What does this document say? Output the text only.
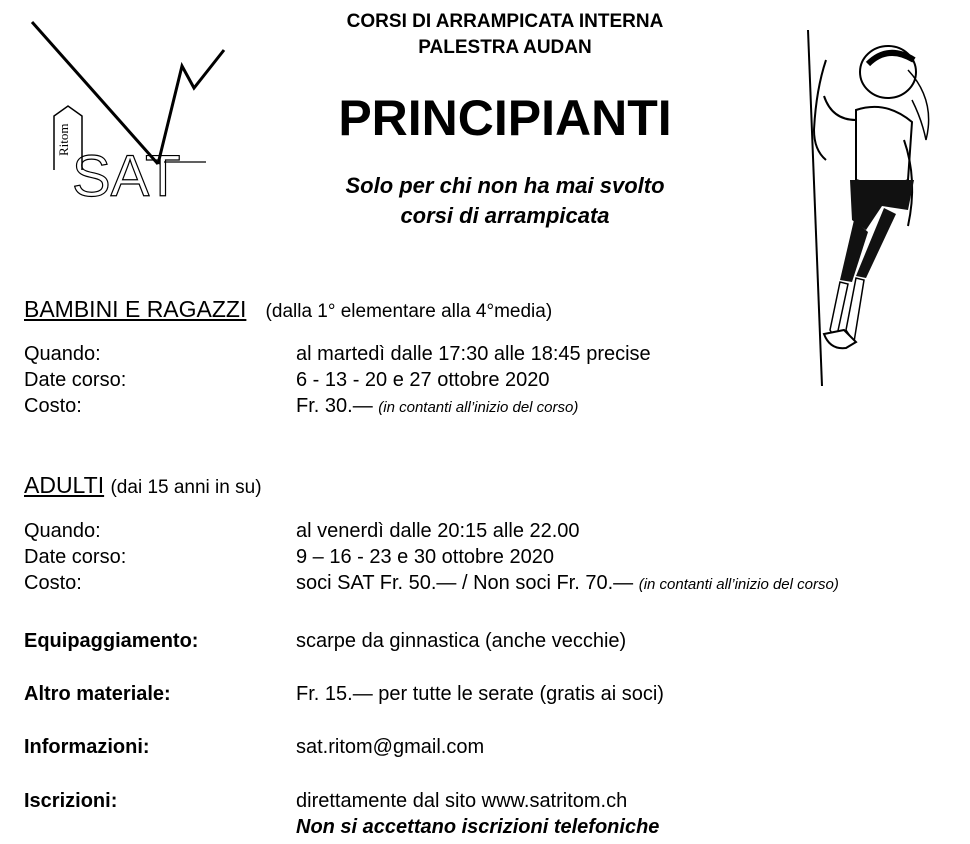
Ritom
SAT
CORSI DI ARRAMPICATA INTERNA
PALESTRA AUDAN
PRINCIPIANTI
Solo per chi non ha mai svolto
corsi di arrampicata
BAMBINI E RAGAZZI (dalla 1° elementare alla 4°media)
Quando:	al martedì dalle 17:30 alle 18:45 precise
Date corso:	6 - 13 - 20 e 27 ottobre 2020
Costo:	Fr. 30.— (in contanti all’inizio del corso)
ADULTI (dai 15 anni in su)
Quando:	al venerdì dalle 20:15 alle 22.00
Date corso:	9 – 16 - 23 e 30 ottobre 2020
Costo:	soci SAT Fr. 50.— / Non soci Fr. 70.— (in contanti all’inizio del corso)
Equipaggiamento:	scarpe da ginnastica (anche vecchie)
Altro materiale:	Fr. 15.— per tutte le serate (gratis ai soci)
Informazioni:	sat.ritom@gmail.com
Iscrizioni:	direttamente dal sito www.satritom.ch
Non si accettano iscrizioni telefoniche
